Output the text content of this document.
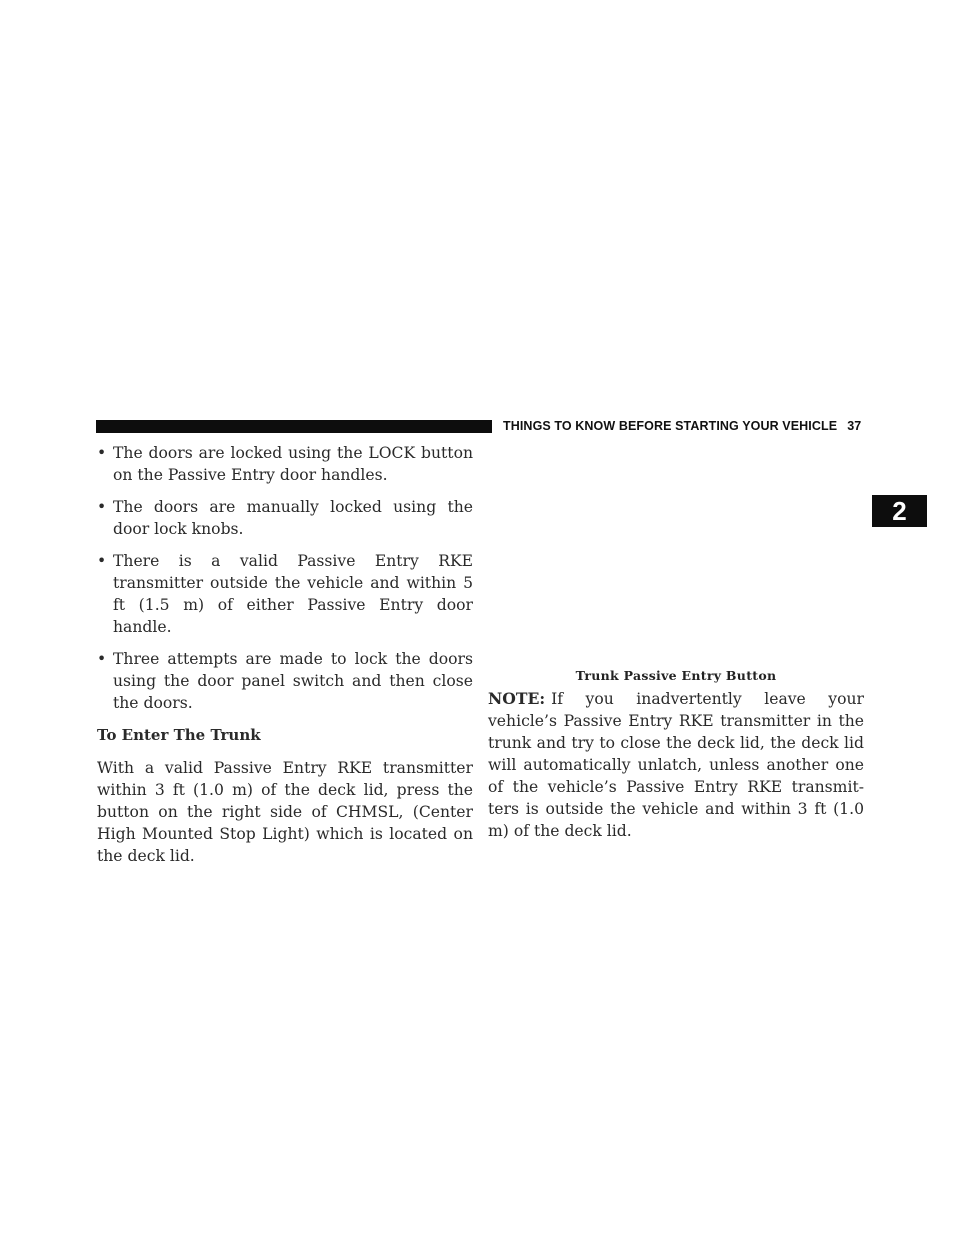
THINGS TO KNOW BEFORE STARTING YOUR VEHICLE 37
2
• The doors are locked using the LOCK button on the Passive Entry door handles.
• The doors are manually locked using the door lock knobs.
• There is a valid Passive Entry RKE transmitter outside the vehicle and within 5 ft (1.5 m) of either Passive Entry door handle.
• Three attempts are made to lock the doors using the door panel switch and then close the doors.
To Enter The Trunk

With a valid Passive Entry RKE transmitter within 3 ft (1.0 m) of the deck lid, press the button on the right side of CHMSL, (Center High Mounted Stop Light) which is located on the deck lid.

Trunk Passive Entry Button

NOTE: If you inadvertently leave your vehicle’s Passive Entry RKE transmitter in the trunk and try to close the deck lid, the deck lid will automatically unlatch, unless another one of the vehicle’s Passive Entry RKE transmit-ters is outside the vehicle and within 3 ft (1.0 m) of the deck lid.
